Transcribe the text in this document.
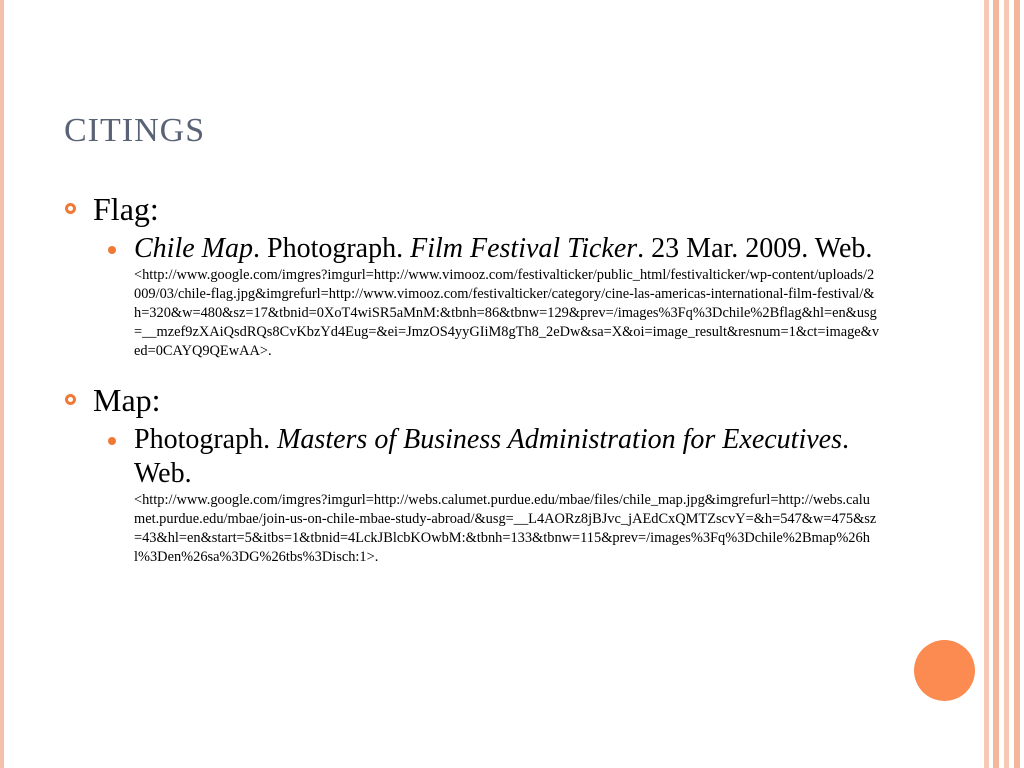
CITINGS
Flag:
Chile Map. Photograph. Film Festival Ticker. 23 Mar. 2009. Web.
<http://www.google.com/imgres?imgurl=http://www.vimooz.com/festivalticker/public_html/festivalticker/wp-content/uploads/2009/03/chile-flag.jpg&imgrefurl=http://www.vimooz.com/festivalticker/category/cine-las-americas-international-film-festival/&h=320&w=480&sz=17&tbnid=0XoT4wiSR5aMnM:&tbnh=86&tbnw=129&prev=/images%3Fq%3Dchile%2Bflag&hl=en&usg=__mzef9zXAiQsdRQs8CvKbzYd4Eug=&ei=JmzOS4yyGIiM8gTh8_2eDw&sa=X&oi=image_result&resnum=1&ct=image&ved=0CAYQ9QEwAA>.
Map:
Photograph. Masters of Business Administration for Executives. Web.
<http://www.google.com/imgres?imgurl=http://webs.calumet.purdue.edu/mbae/files/chile_map.jpg&imgrefurl=http://webs.calumet.purdue.edu/mbae/join-us-on-chile-mbae-study-abroad/&usg=__L4AORz8jBJvc_jAEdCxQMTZscvY=&h=547&w=475&sz=43&hl=en&start=5&itbs=1&tbnid=4LckJBlcbKOwbM:&tbnh=133&tbnw=115&prev=/images%3Fq%3Dchile%2Bmap%26hl%3Den%26sa%3DG%26tbs%3Disch:1>.
